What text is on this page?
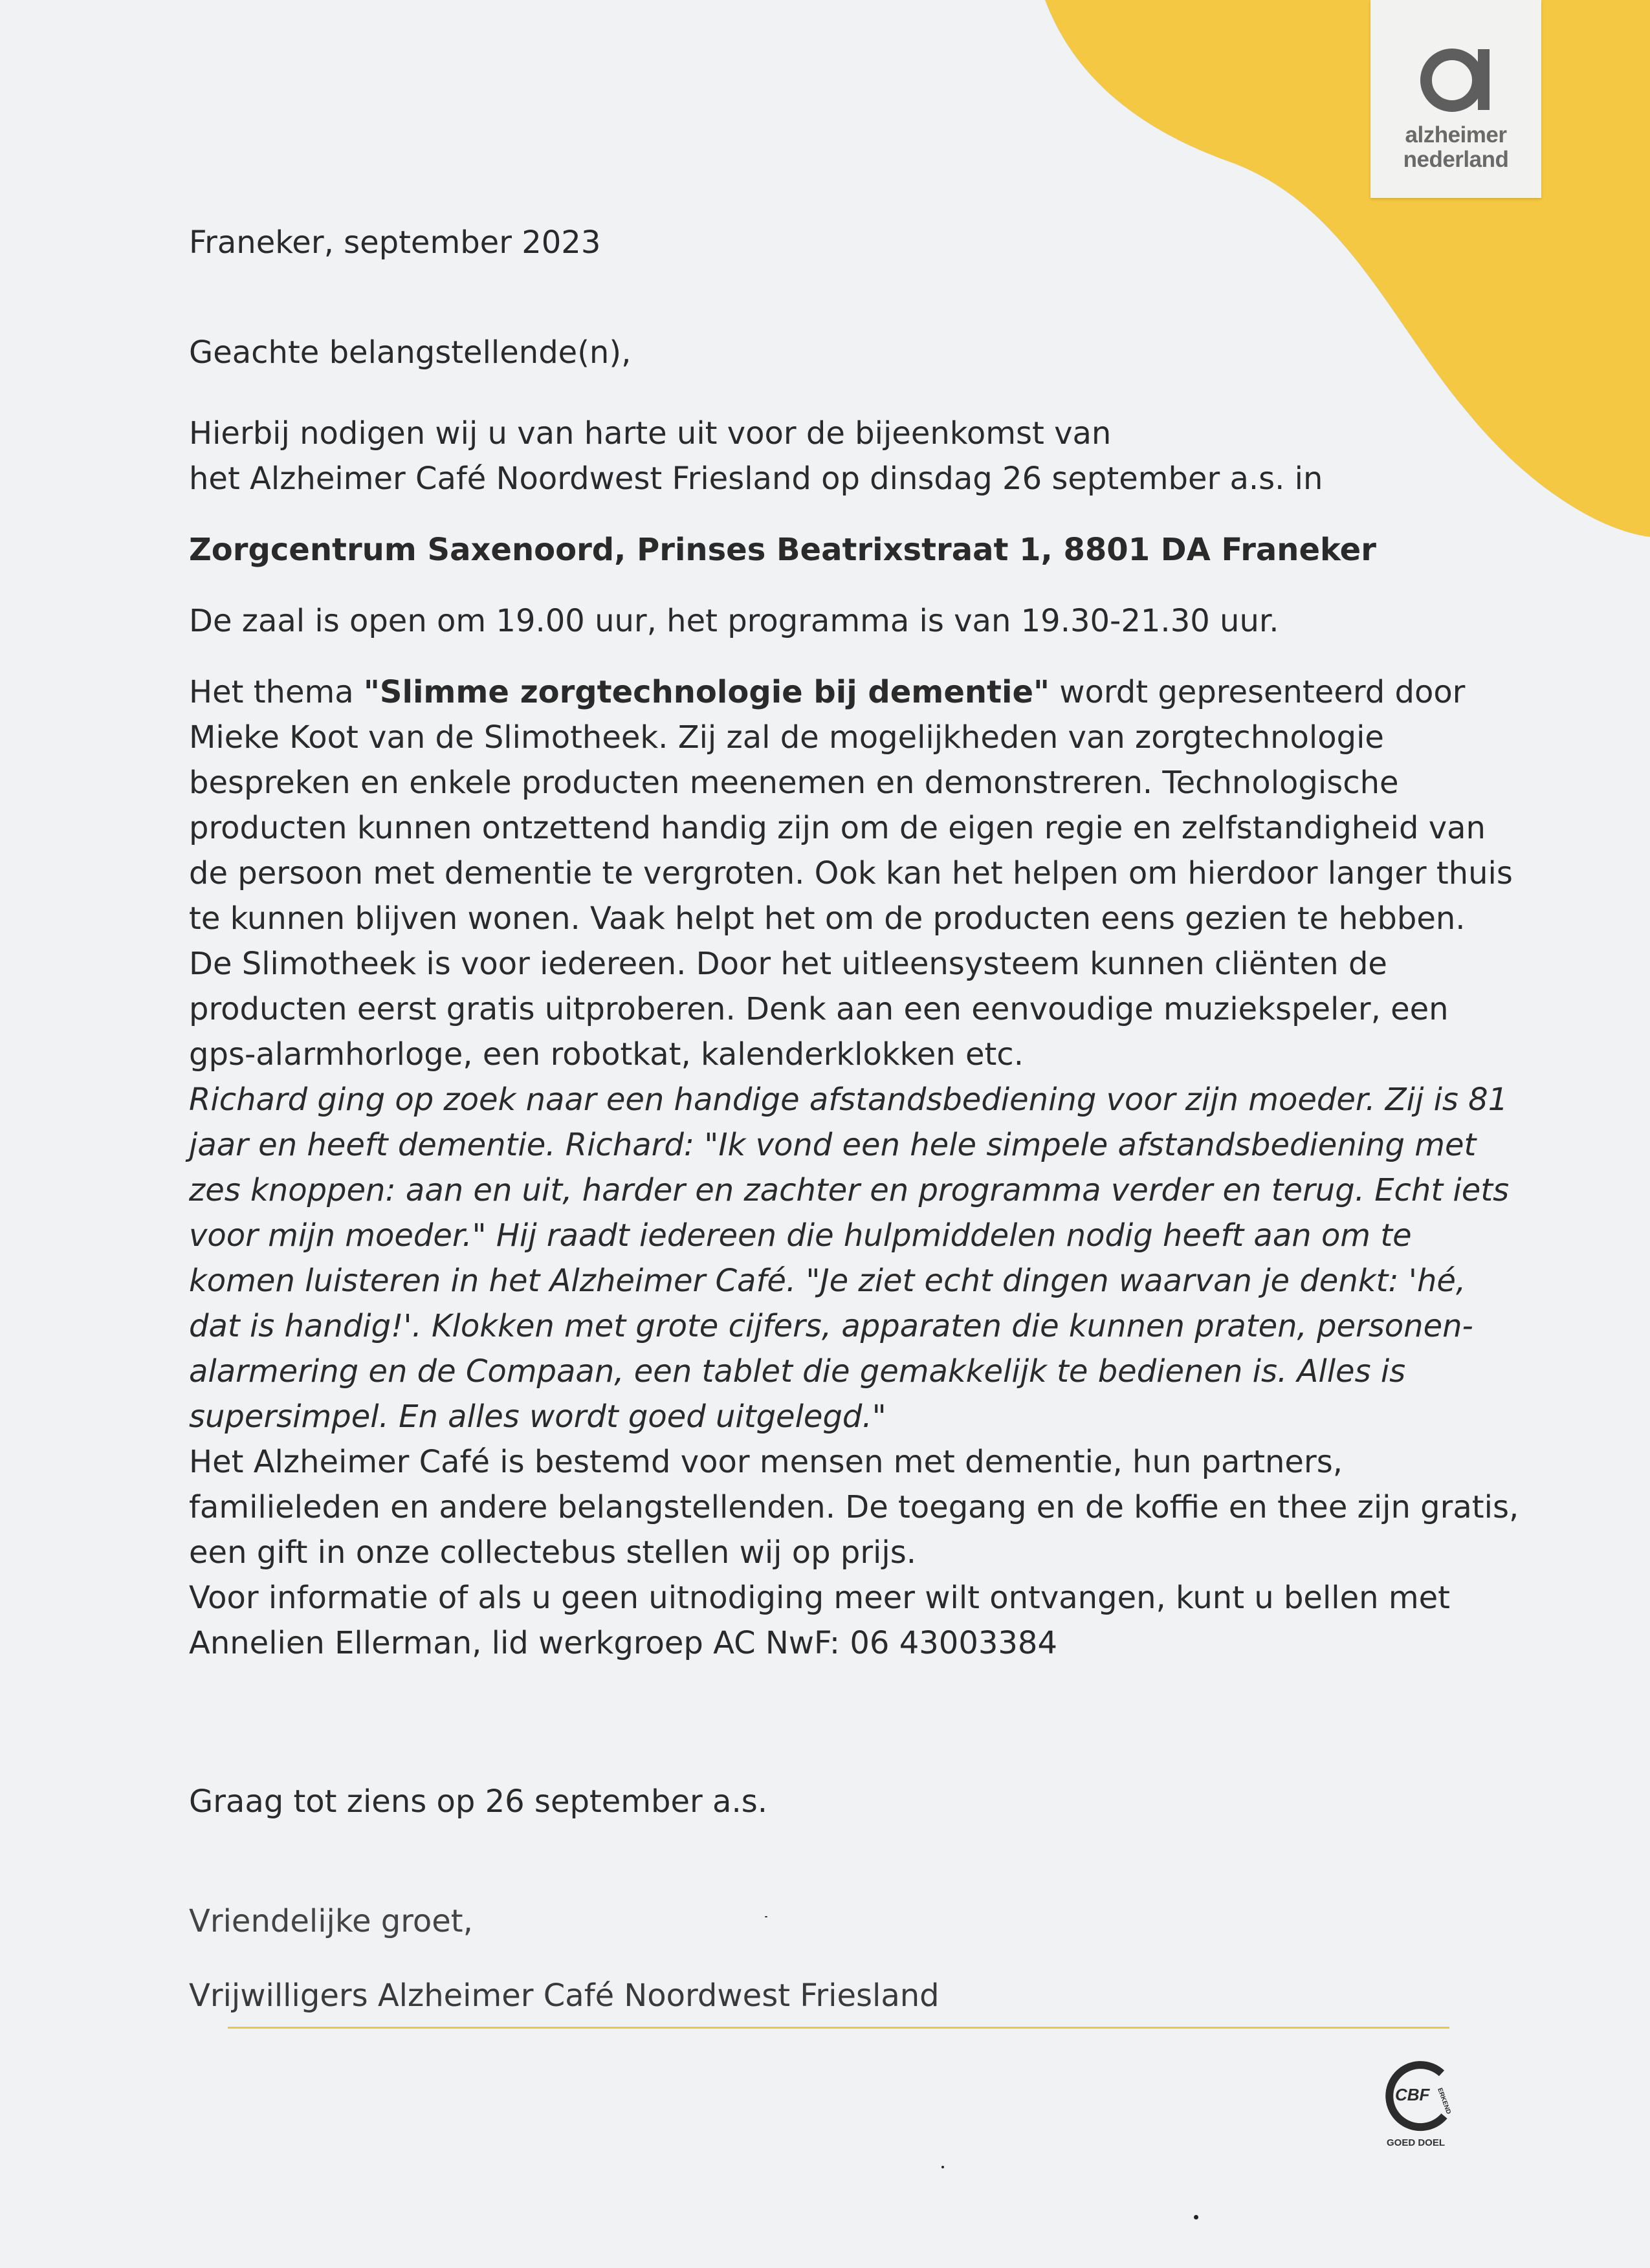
alzheimer
nederland

Franeker, september 2023

Geachte belangstellende(n),

Hierbij nodigen wij u van harte uit voor de bijeenkomst van

het Alzheimer Café Noordwest Friesland op dinsdag 26 september a.s. in

Zorgcentrum Saxenoord, Prinses Beatrixstraat 1, 8801 DA Franeker

De zaal is open om 19.00 uur, het programma is van 19.30-21.30 uur.

Het thema "Slimme zorgtechnologie bij dementie" wordt gepresenteerd door Mieke Koot van de Slimotheek. Zij zal de mogelijkheden van zorgtechnologie bespreken en enkele producten meenemen en demonstreren. Technologische producten kunnen ontzettend handig zijn om de eigen regie en zelfstandigheid van de persoon met dementie te vergroten. Ook kan het helpen om hierdoor langer thuis te kunnen blijven wonen. Vaak helpt het om de producten eens gezien te hebben.

De Slimotheek is voor iedereen. Door het uitleensysteem kunnen cliënten de producten eerst gratis uitproberen. Denk aan een eenvoudige muziekspeler, een gps-alarmhorloge, een robotkat, kalenderklokken etc.

Richard ging op zoek naar een handige afstandsbediening voor zijn moeder. Zij is 81 jaar en heeft dementie. Richard: "Ik vond een hele simpele afstandsbediening met zes knoppen: aan en uit, harder en zachter en programma verder en terug. Echt iets voor mijn moeder." Hij raadt iedereen die hulpmiddelen nodig heeft aan om te komen luisteren in het Alzheimer Café. "Je ziet echt dingen waarvan je denkt: 'hé, dat is handig!'. Klokken met grote cijfers, apparaten die kunnen praten, personen-alarmering en de Compaan, een tablet die gemakkelijk te bedienen is. Alles is supersimpel. En alles wordt goed uitgelegd."

Het Alzheimer Café is bestemd voor mensen met dementie, hun partners, familieleden en andere belangstellenden. De toegang en de koffie en thee zijn gratis, een gift in onze collectebus stellen wij op prijs.

Voor informatie of als u geen uitnodiging meer wilt ontvangen, kunt u bellen met Annelien Ellerman, lid werkgroep AC NwF: 06 43003384

Graag tot ziens op 26 september a.s.

Vriendelijke groet,

Vrijwilligers Alzheimer Café Noordwest Friesland

CBF ERKEND
GOED DOEL
